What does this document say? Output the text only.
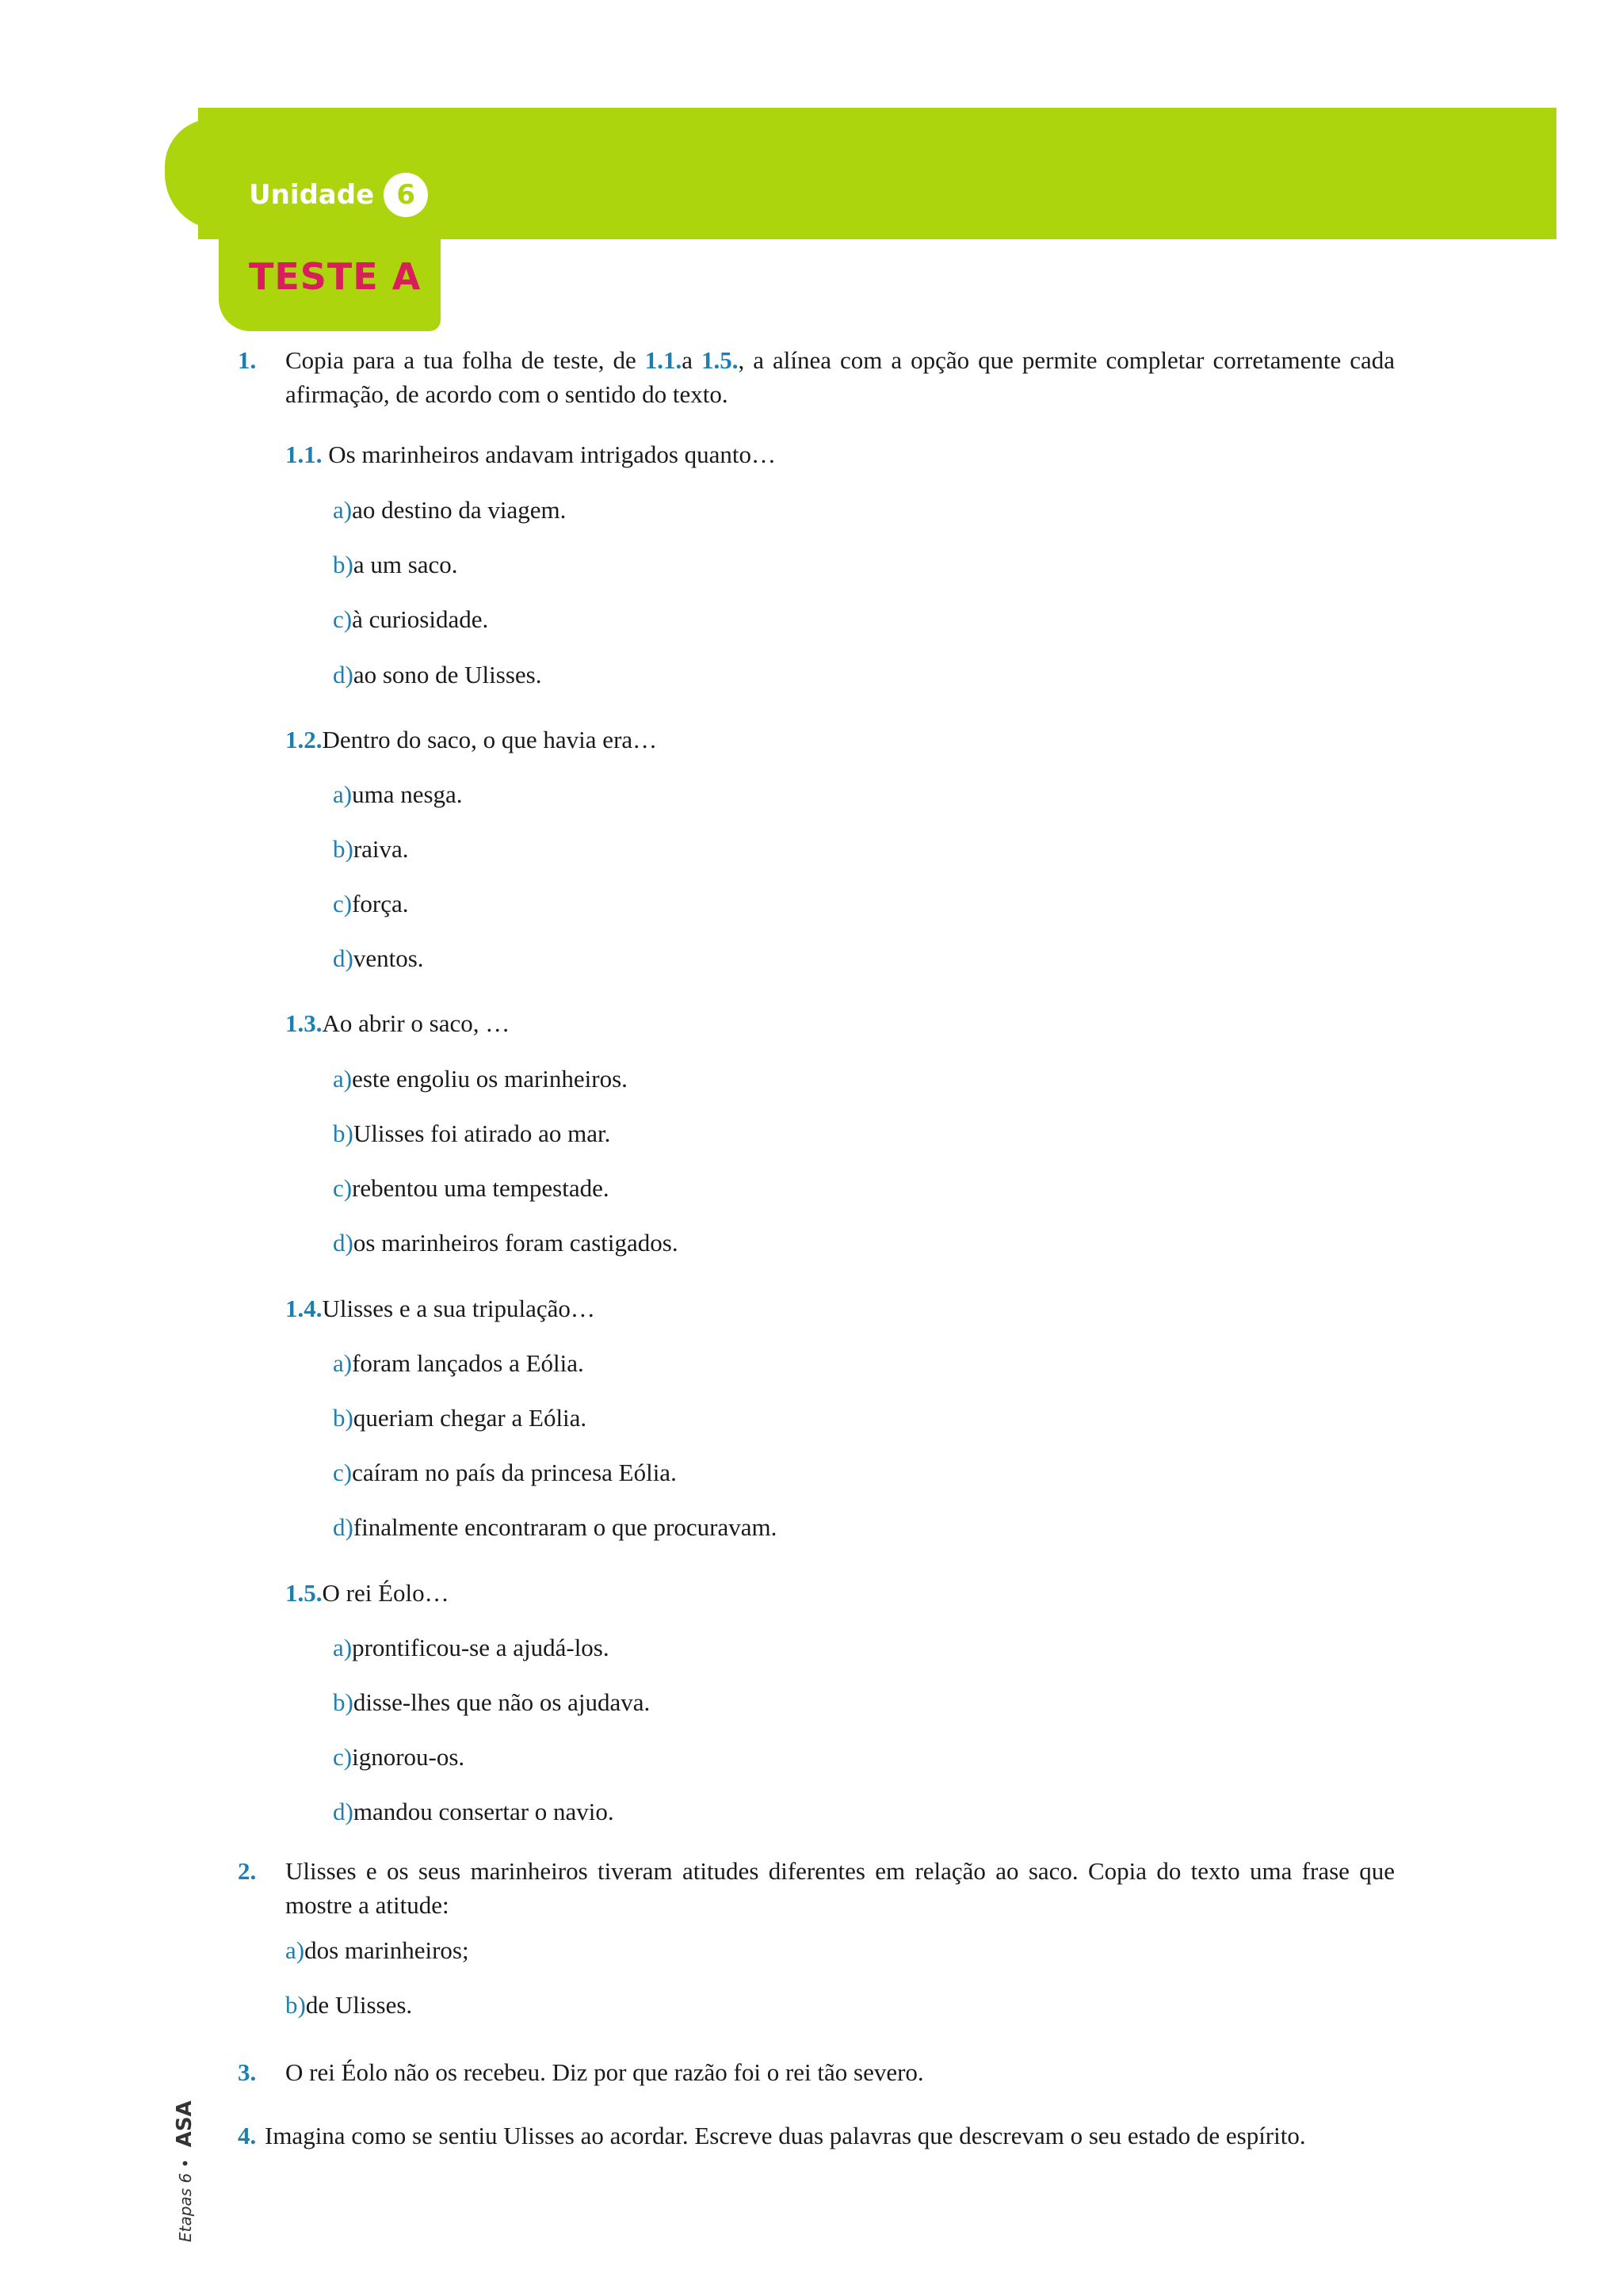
Unidade 6
TESTE A
1. Copia para a tua folha de teste, de 1.1.a 1.5., a alínea com a opção que permite completar corretamente cada afirmação, de acordo com o sentido do texto.
1.1. Os marinheiros andavam intrigados quanto…
a)ao destino da viagem.
b)a um saco.
c)à curiosidade.
d)ao sono de Ulisses.
1.2.Dentro do saco, o que havia era…
a)uma nesga.
b)raiva.
c)força.
d)ventos.
1.3.Ao abrir o saco, …
a)este engoliu os marinheiros.
b)Ulisses foi atirado ao mar.
c)rebentou uma tempestade.
d)os marinheiros foram castigados.
1.4.Ulisses e a sua tripulação…
a)foram lançados a Eólia.
b)queriam chegar a Eólia.
c)caíram no país da princesa Eólia.
d)finalmente encontraram o que procuravam.
1.5.O rei Éolo…
a)prontificou-se a ajudá-los.
b)disse-lhes que não os ajudava.
c)ignorou-os.
d)mandou consertar o navio.
2. Ulisses e os seus marinheiros tiveram atitudes diferentes em relação ao saco. Copia do texto uma frase que mostre a atitude:
a)dos marinheiros;
b)de Ulisses.
3. O rei Éolo não os recebeu. Diz por que razão foi o rei tão severo.
4. Imagina como se sentiu Ulisses ao acordar. Escreve duas palavras que descrevam o seu estado de espírito.
Etapas 6 • ASA
